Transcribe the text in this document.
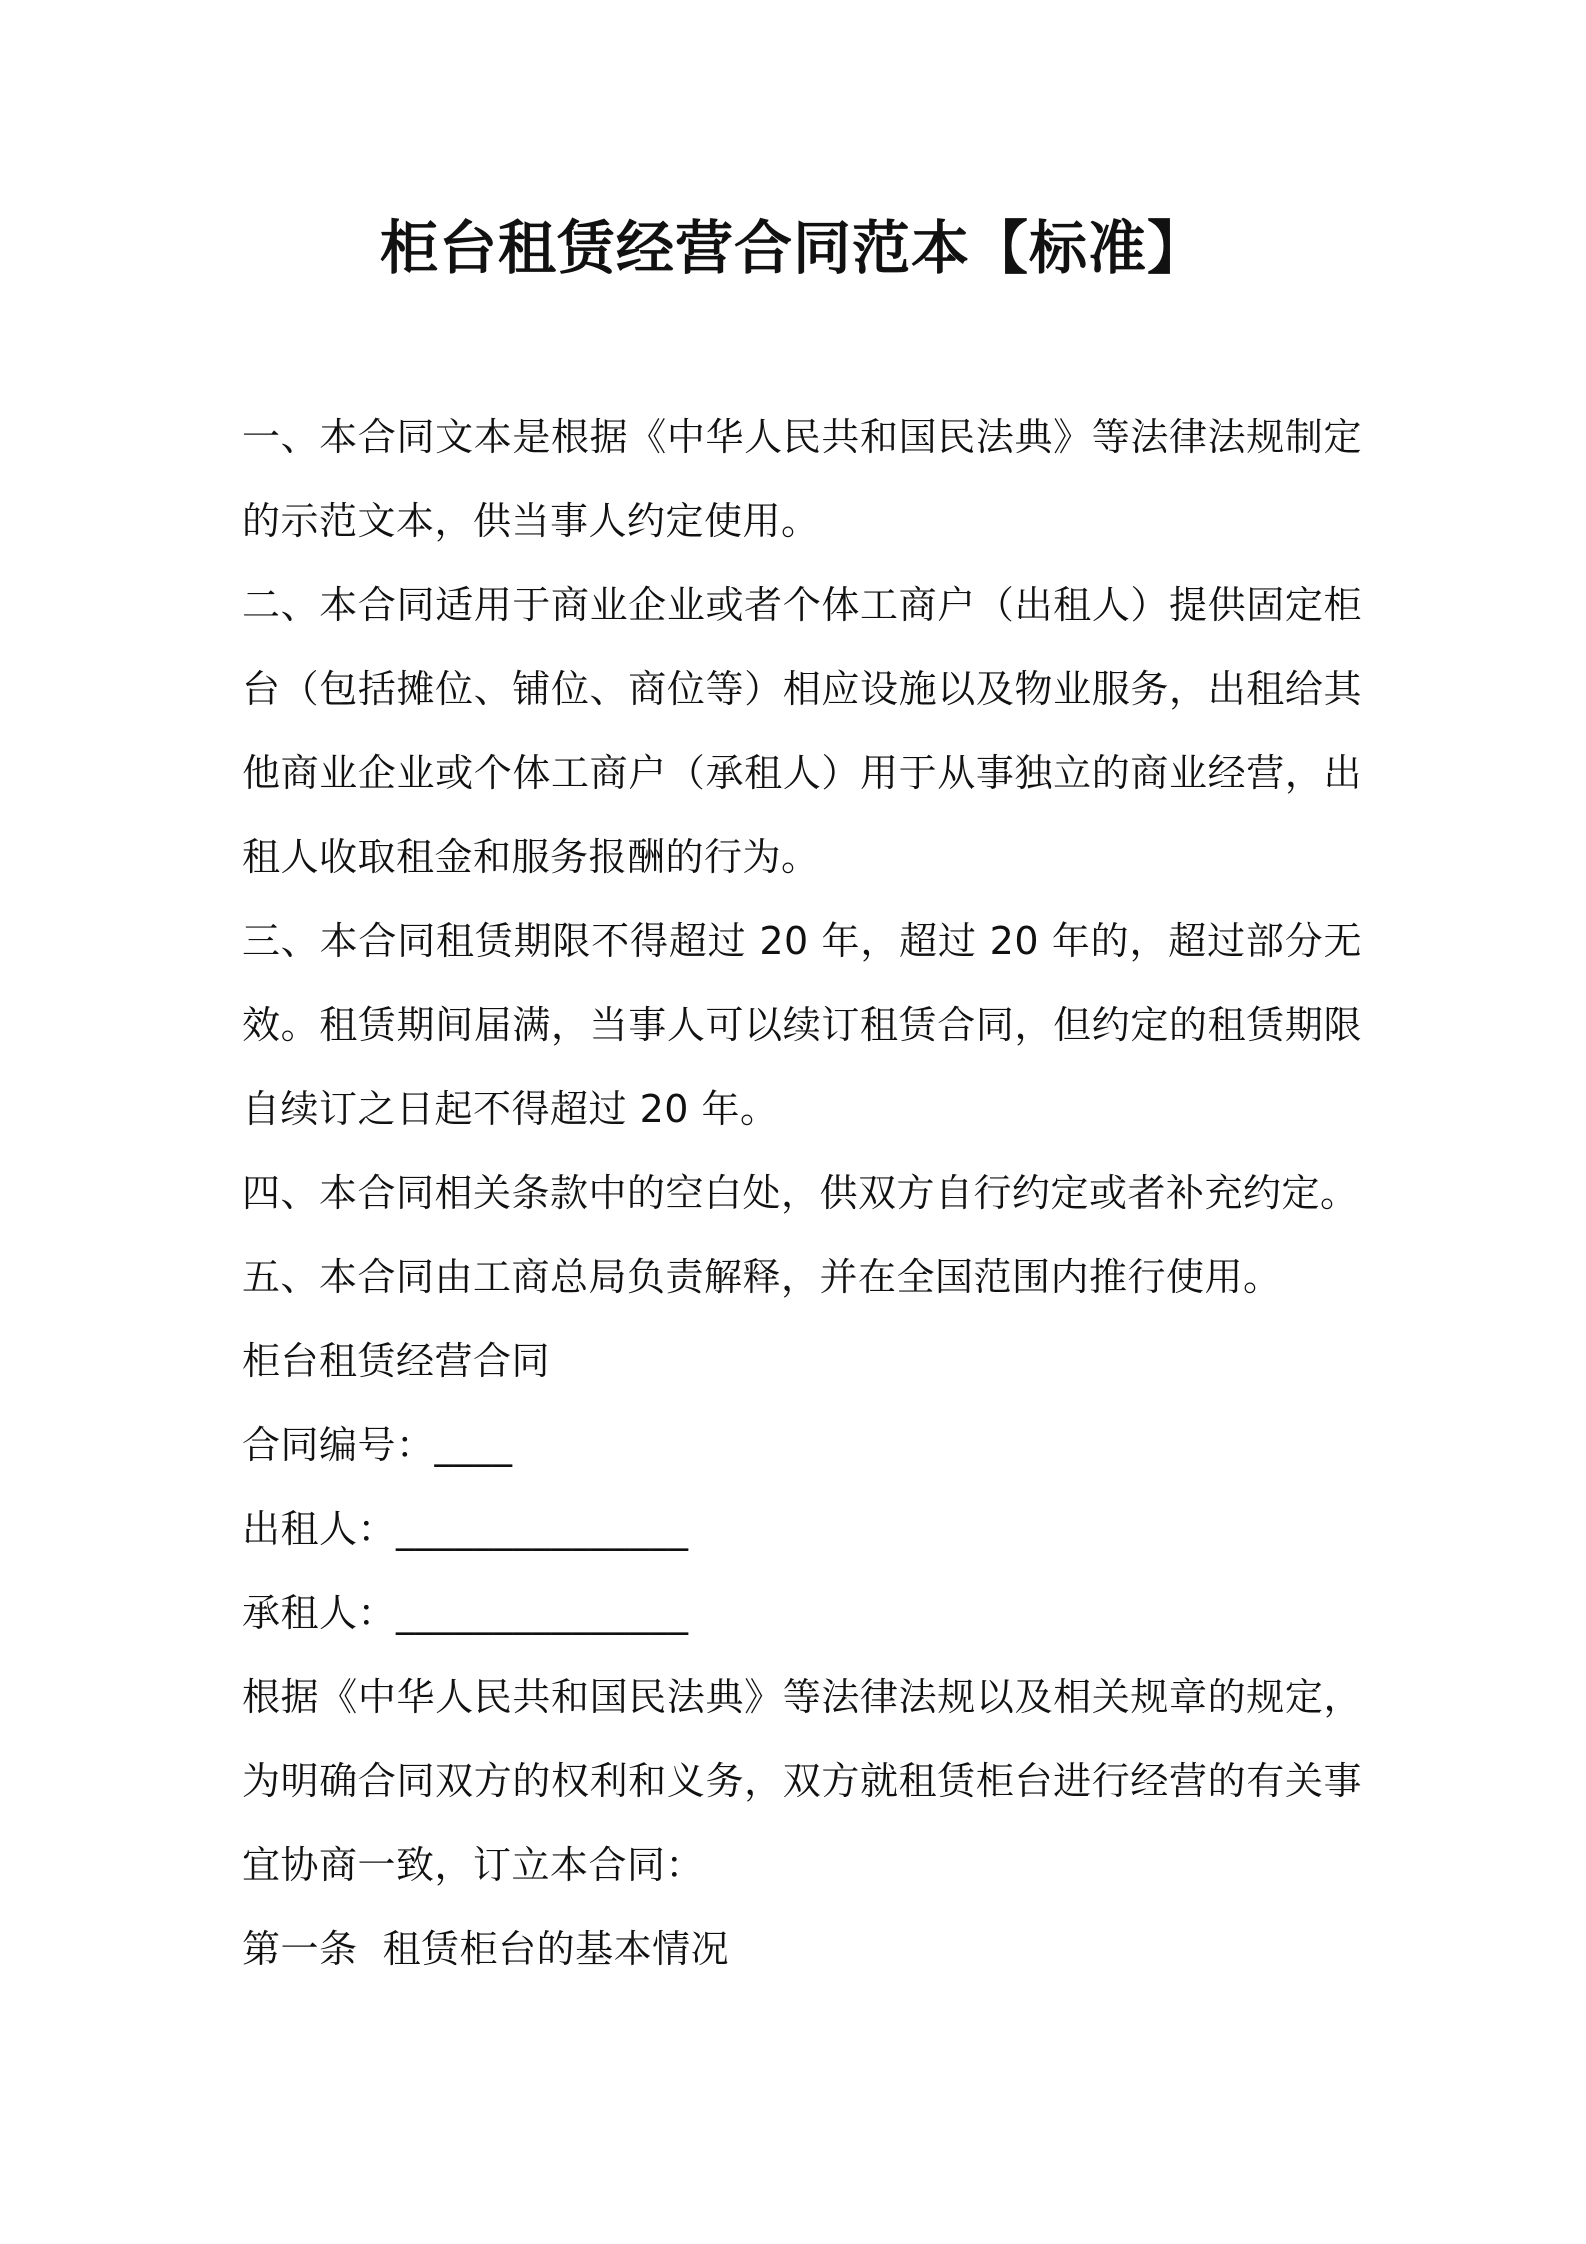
柜台租赁经营合同范本【标准】

一、本合同文本是根据《中华人民共和国民法典》等法律法规制定的示范文本，供当事人约定使用。

二、本合同适用于商业企业或者个体工商户（出租人）提供固定柜台（包括摊位、铺位、商位等）相应设施以及物业服务，出租给其他商业企业或个体工商户（承租人）用于从事独立的商业经营，出租人收取租金和服务报酬的行为。

三、本合同租赁期限不得超过 20 年，超过 20 年的，超过部分无效。租赁期间届满，当事人可以续订租赁合同，但约定的租赁期限自续订之日起不得超过 20 年。

四、本合同相关条款中的空白处，供双方自行约定或者补充约定。

五、本合同由工商总局负责解释，并在全国范围内推行使用。

柜台租赁经营合同

合同编号：____

出租人：_______________

承租人：_______________

根据《中华人民共和国民法典》等法律法规以及相关规章的规定，为明确合同双方的权利和义务，双方就租赁柜台进行经营的有关事宜协商一致，订立本合同：

第一条  租赁柜台的基本情况
